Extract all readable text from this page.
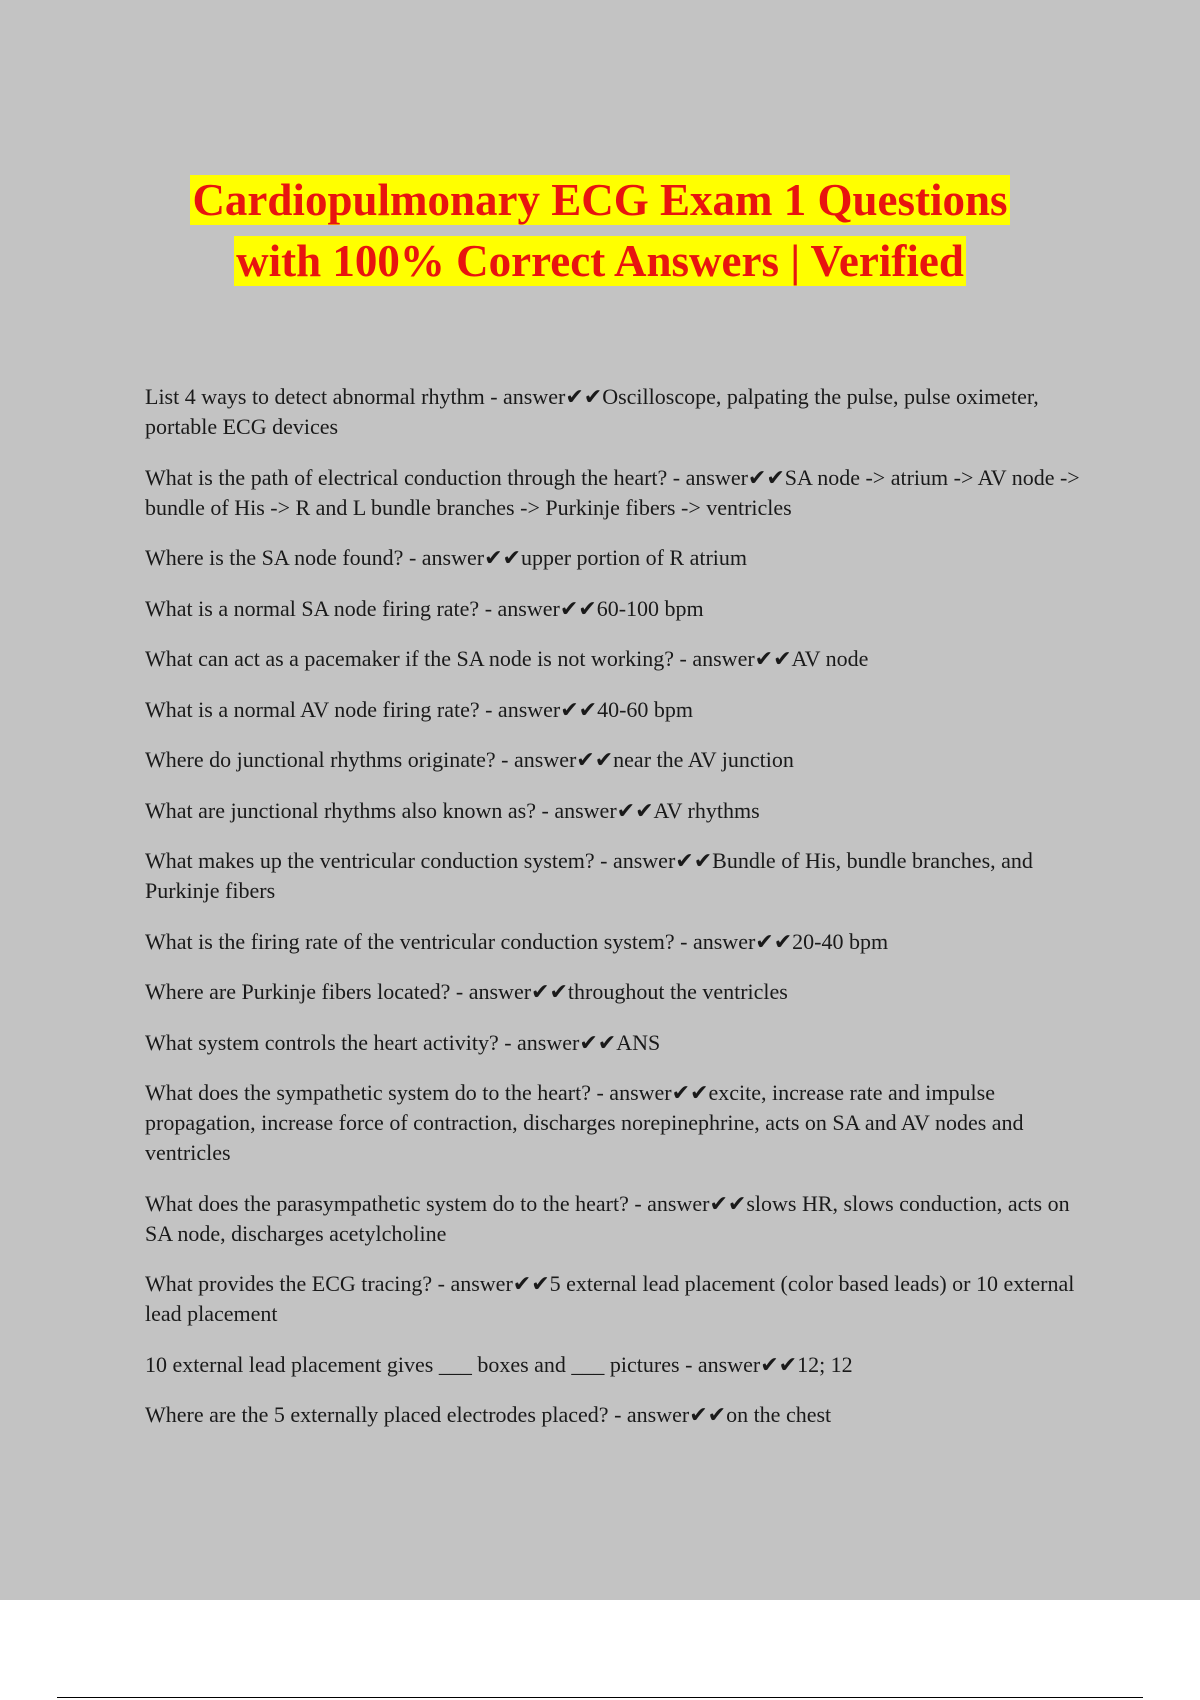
Cardiopulmonary ECG Exam 1 Questions
with 100% Correct Answers | Verified
List 4 ways to detect abnormal rhythm - answer✔✔Oscilloscope, palpating the pulse, pulse oximeter, portable ECG devices
What is the path of electrical conduction through the heart? - answer✔✔SA node -> atrium -> AV node -> bundle of His -> R and L bundle branches -> Purkinje fibers -> ventricles
Where is the SA node found? - answer✔✔upper portion of R atrium
What is a normal SA node firing rate? - answer✔✔60-100 bpm
What can act as a pacemaker if the SA node is not working? - answer✔✔AV node
What is a normal AV node firing rate? - answer✔✔40-60 bpm
Where do junctional rhythms originate? - answer✔✔near the AV junction
What are junctional rhythms also known as? - answer✔✔AV rhythms
What makes up the ventricular conduction system? - answer✔✔Bundle of His, bundle branches, and Purkinje fibers
What is the firing rate of the ventricular conduction system? - answer✔✔20-40 bpm
Where are Purkinje fibers located? - answer✔✔throughout the ventricles
What system controls the heart activity? - answer✔✔ANS
What does the sympathetic system do to the heart? - answer✔✔excite, increase rate and impulse propagation, increase force of contraction, discharges norepinephrine, acts on SA and AV nodes and ventricles
What does the parasympathetic system do to the heart? - answer✔✔slows HR, slows conduction, acts on SA node, discharges acetylcholine
What provides the ECG tracing? - answer✔✔5 external lead placement (color based leads) or 10 external lead placement
10 external lead placement gives ___ boxes and ___ pictures - answer✔✔12; 12
Where are the 5 externally placed electrodes placed? - answer✔✔on the chest
